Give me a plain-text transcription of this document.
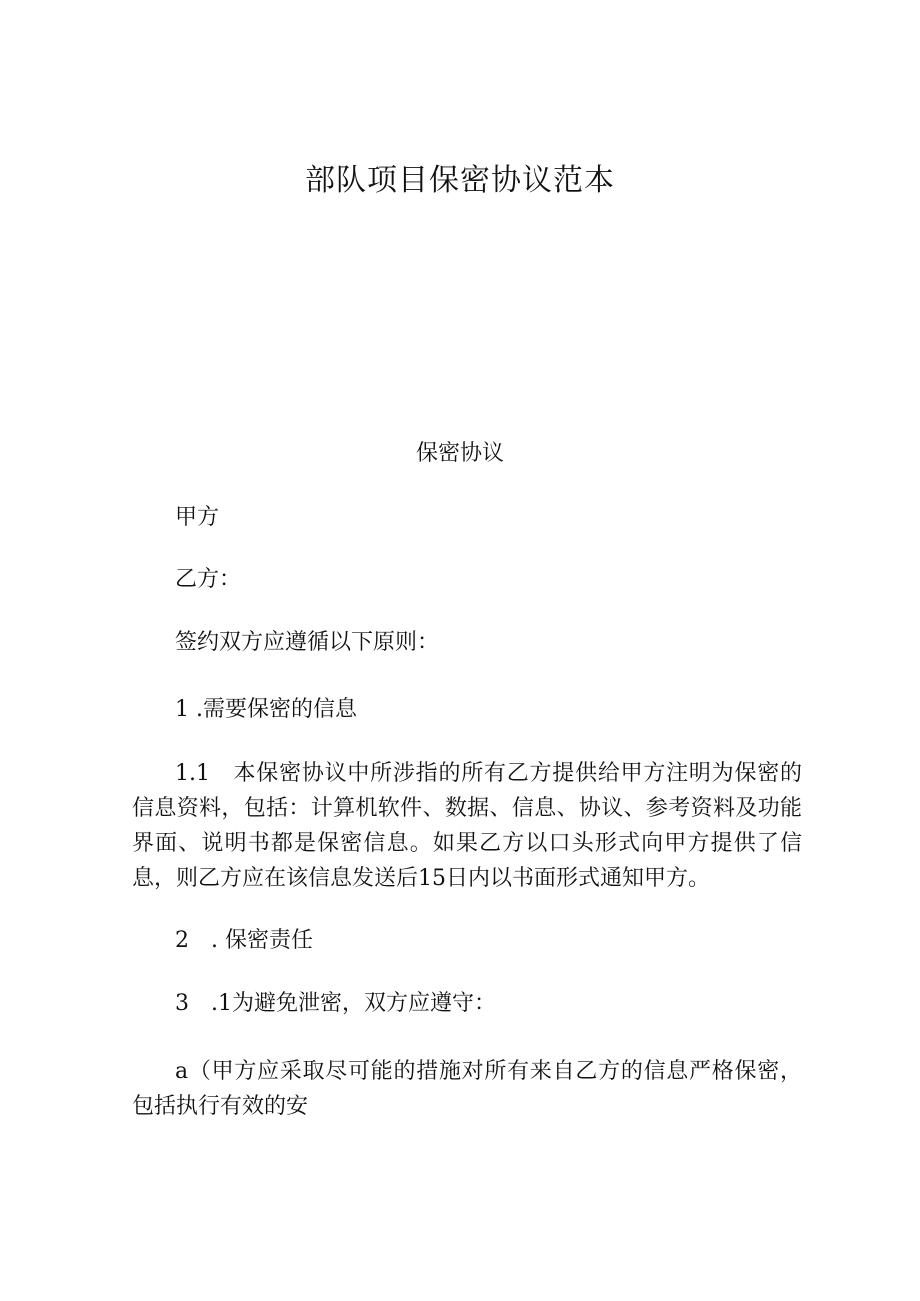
部队项目保密协议范本
保密协议
甲方
乙方：
签约双方应遵循以下原则：
1 .需要保密的信息
1.1　本保密协议中所涉指的所有乙方提供给甲方注明为保密的信息资料，包括：计算机软件、数据、信息、协议、参考资料及功能界面、说明书都是保密信息。如果乙方以口头形式向甲方提供了信息，则乙方应在该信息发送后15日内以书面形式通知甲方。
2　. 保密责任
3　.1为避免泄密，双方应遵守：
a（甲方应采取尽可能的措施对所有来自乙方的信息严格保密，包括执行有效的安
